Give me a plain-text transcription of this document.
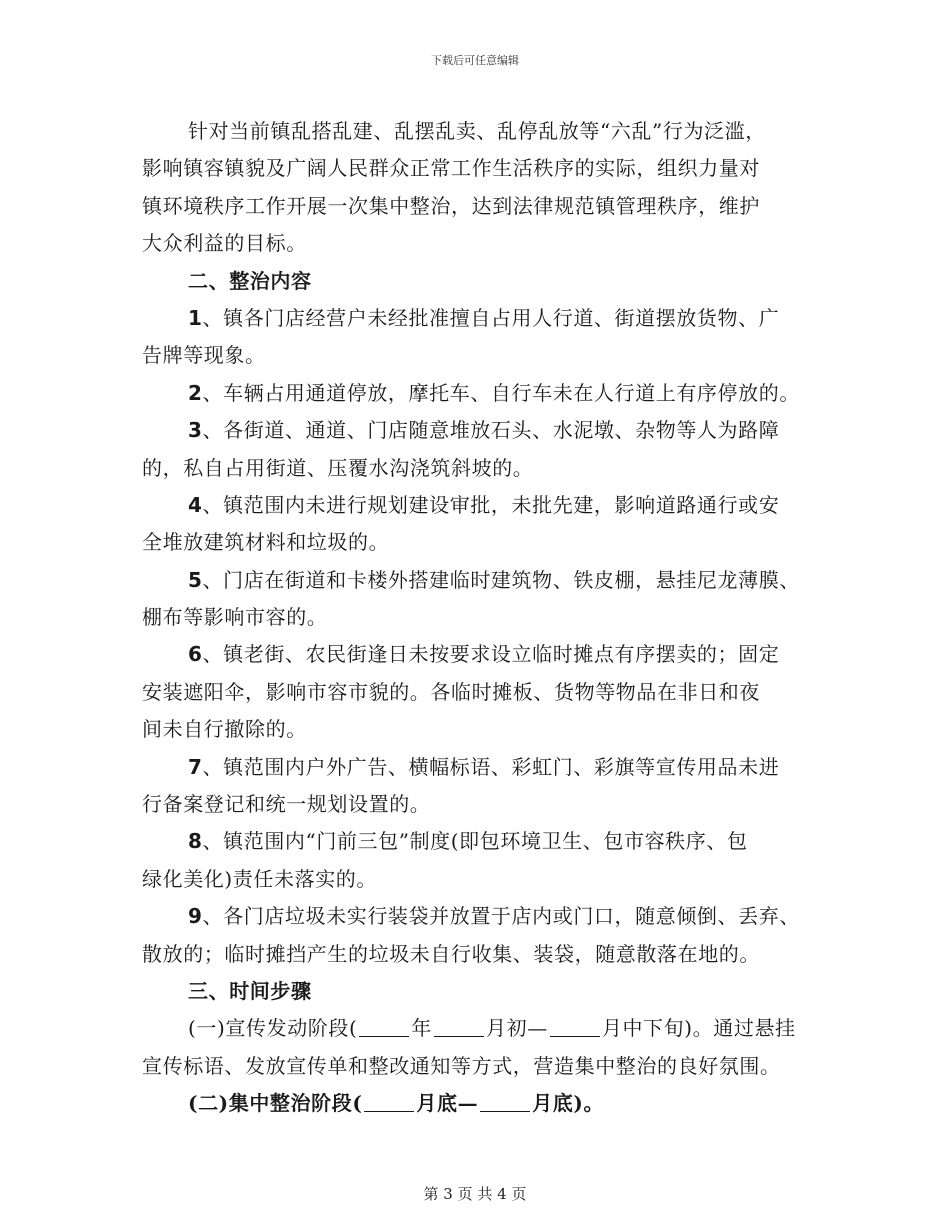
下载后可任意编辑
针对当前镇乱搭乱建、乱摆乱卖、乱停乱放等“六乱”行为泛滥，
影响镇容镇貌及广阔人民群众正常工作生活秩序的实际，组织力量对
镇环境秩序工作开展一次集中整治，达到法律规范镇管理秩序，维护
大众利益的目标。
二、整治内容
1、镇各门店经营户未经批准擅自占用人行道、街道摆放货物、广
告牌等现象。
2、车辆占用通道停放，摩托车、自行车未在人行道上有序停放的。
3、各街道、通道、门店随意堆放石头、水泥墩、杂物等人为路障
的，私自占用街道、压覆水沟浇筑斜坡的。
4、镇范围内未进行规划建设审批，未批先建，影响道路通行或安
全堆放建筑材料和垃圾的。
5、门店在街道和卡楼外搭建临时建筑物、铁皮棚，悬挂尼龙薄膜、
棚布等影响市容的。
6、镇老街、农民街逢日未按要求设立临时摊点有序摆卖的；固定
安装遮阳伞，影响市容市貌的。各临时摊板、货物等物品在非日和夜
间未自行撤除的。
7、镇范围内户外广告、横幅标语、彩虹门、彩旗等宣传用品未进
行备案登记和统一规划设置的。
8、镇范围内“门前三包”制度(即包环境卫生、包市容秩序、包
绿化美化)责任未落实的。
9、各门店垃圾未实行装袋并放置于店内或门口，随意倾倒、丢弃、
散放的；临时摊挡产生的垃圾未自行收集、装袋，随意散落在地的。
三、时间步骤
(一)宣传发动阶段(	年	月初—	月中下旬)。通过悬挂
宣传标语、发放宣传单和整改通知等方式，营造集中整治的良好氛围。
(二)集中整治阶段(	月底—	月底)。
第 3 页 共 4 页
